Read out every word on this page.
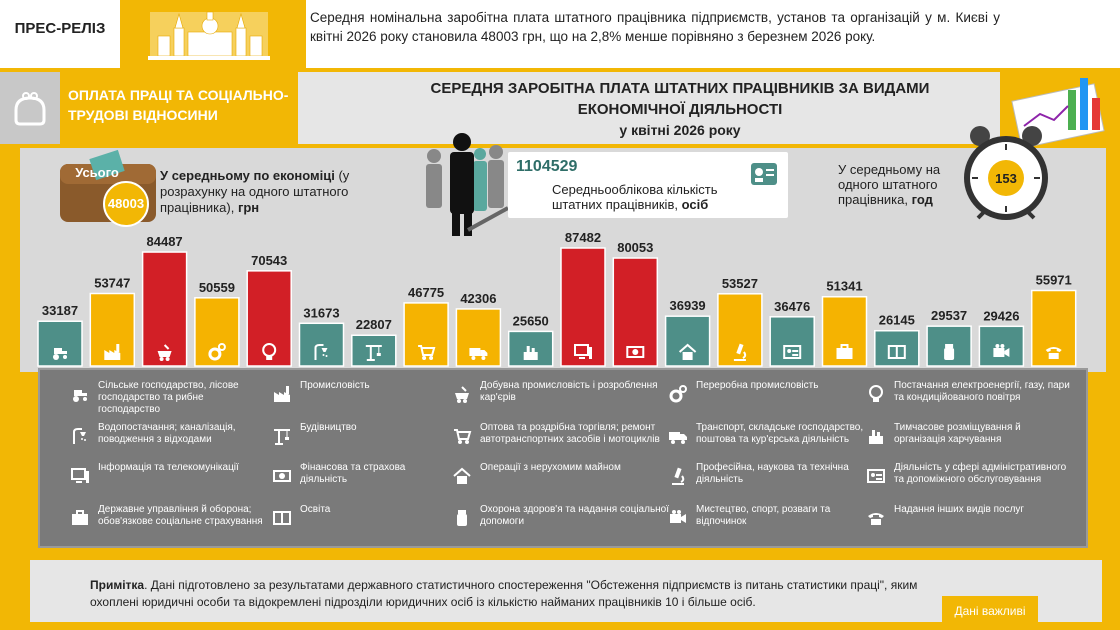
ПРЕС-РЕЛІЗ
Середня номінальна заробітна плата штатного працівника підприємств, установ та організацій у м. Києві у квітні 2026 року становила 48003 грн, що на 2,8% менше порівняно з березнем 2026 року.
ОПЛАТА ПРАЦІ ТА СОЦІАЛЬНО-ТРУДОВІ ВІДНОСИНИ
СЕРЕДНЯ ЗАРОБІТНА ПЛАТА ШТАТНИХ ПРАЦІВНИКІВ ЗА ВИДАМИ ЕКОНОМІЧНОЇ ДІЯЛЬНОСТІ
у квітні 2026 року
33187
53747
84487
50559
70543
31673
22807
46775 42306
25650
87482
80053
36939
53527
36476
51341
26145 29537 29426
55971
Усього
48003
У середньому по економіці (у розрахунку на одного штатного працівника), грн
1104529
Середньооблікова кількість штатних працівників, осіб
У середньому на одного штатного працівника, год
153
Сільське господарство, лісове господарство та рибне господарство
Промисловість	Добувна промисловість і розроблення кар'єрів
Переробна промисловість	Постачання електроенергії, газу, пари та кондиційованого повітря
Водопостачання; каналізація, поводження з відходами
Будівництво	Оптова та роздрібна торгівля; ремонт автотранспортних засобів і мотоциклів
Транспорт, складське господарство, поштова та кур'єрська діяльність
Тимчасове розміщування й організація харчування
Інформація та телекомунікації	Фінансова та страхова діяльність
Операції з нерухомим майном	Професійна, наукова та технічна діяльність
Діяльність у сфері адміністративного та допоміжного обслуговування
Державне управління й оборона; обов'язкове соціальне страхування
Освіта	Охорона здоров'я та надання соціальної допомоги
Мистецтво, спорт, розваги та відпочинок
Надання інших видів послуг
Примітка. Дані підготовлено за результатами державного статистичного спостереження "Обстеження підприємств із питань статистики праці", яким охоплені юридичні особи та відокремлені підрозділи юридичних осіб із кількістю найманих працівників 10 і більше осіб.
Дані важливі
